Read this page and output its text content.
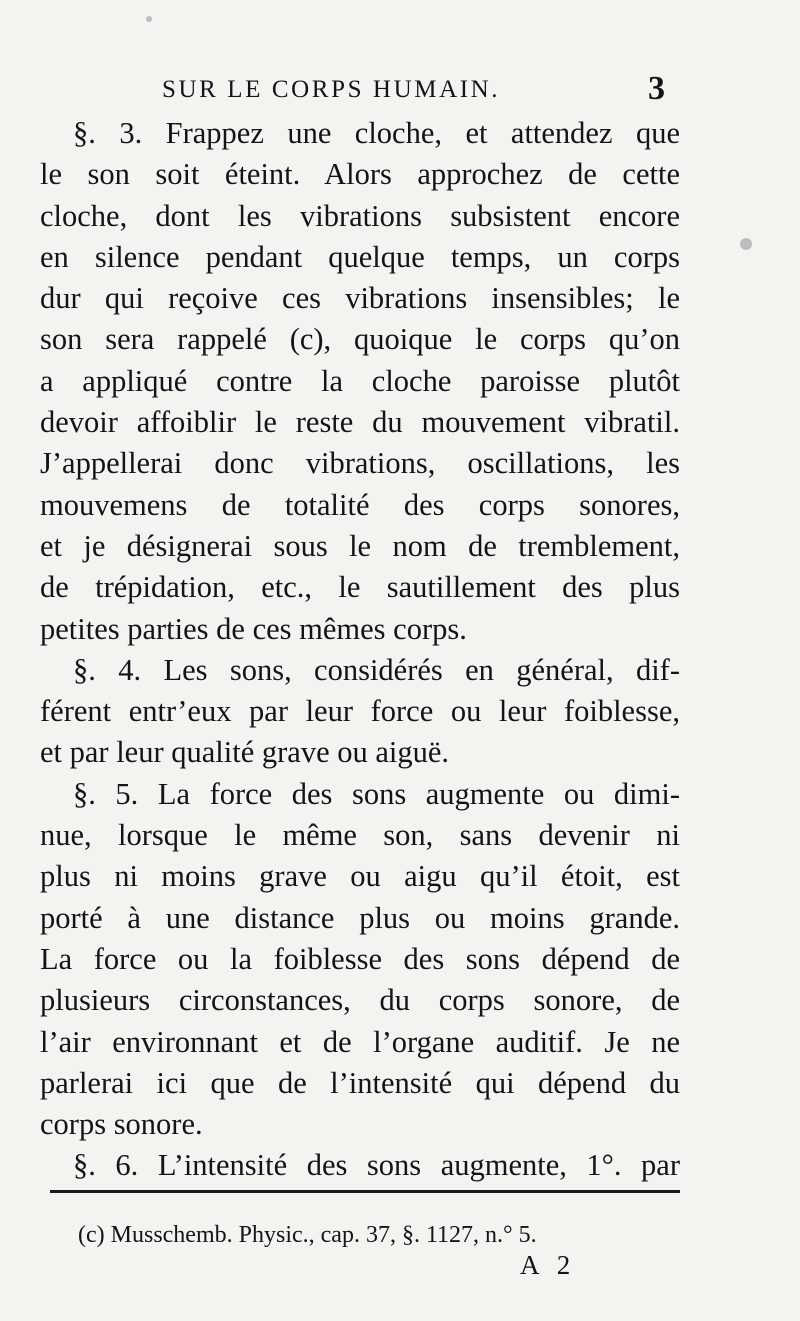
SUR LE CORPS HUMAIN.	3
§. 3. Frappez une cloche, et attendez que
le son soit éteint. Alors approchez de cette
cloche, dont les vibrations subsistent encore
en silence pendant quelque temps, un corps
dur qui reçoive ces vibrations insensibles; le
son sera rappelé (c), quoique le corps qu’on
a appliqué contre la cloche paroisse plutôt
devoir affoiblir le reste du mouvement vibratil.
J’appellerai donc vibrations, oscillations, les
mouvemens de totalité des corps sonores,
et je désignerai sous le nom de tremblement,
de trépidation, etc., le sautillement des plus
petites parties de ces mêmes corps.
§. 4. Les sons, considérés en général, dif-
férent entr’eux par leur force ou leur foiblesse,
et par leur qualité grave ou aiguë.
§. 5. La force des sons augmente ou dimi-
nue, lorsque le même son, sans devenir ni
plus ni moins grave ou aigu qu’il étoit, est
porté à une distance plus ou moins grande.
La force ou la foiblesse des sons dépend de
plusieurs circonstances, du corps sonore, de
l’air environnant et de l’organe auditif. Je ne
parlerai ici que de l’intensité qui dépend du
corps sonore.
§. 6. L’intensité des sons augmente, 1°. par
(c) Musschemb. Physic., cap. 37, §. 1127, n.° 5.
A 2
